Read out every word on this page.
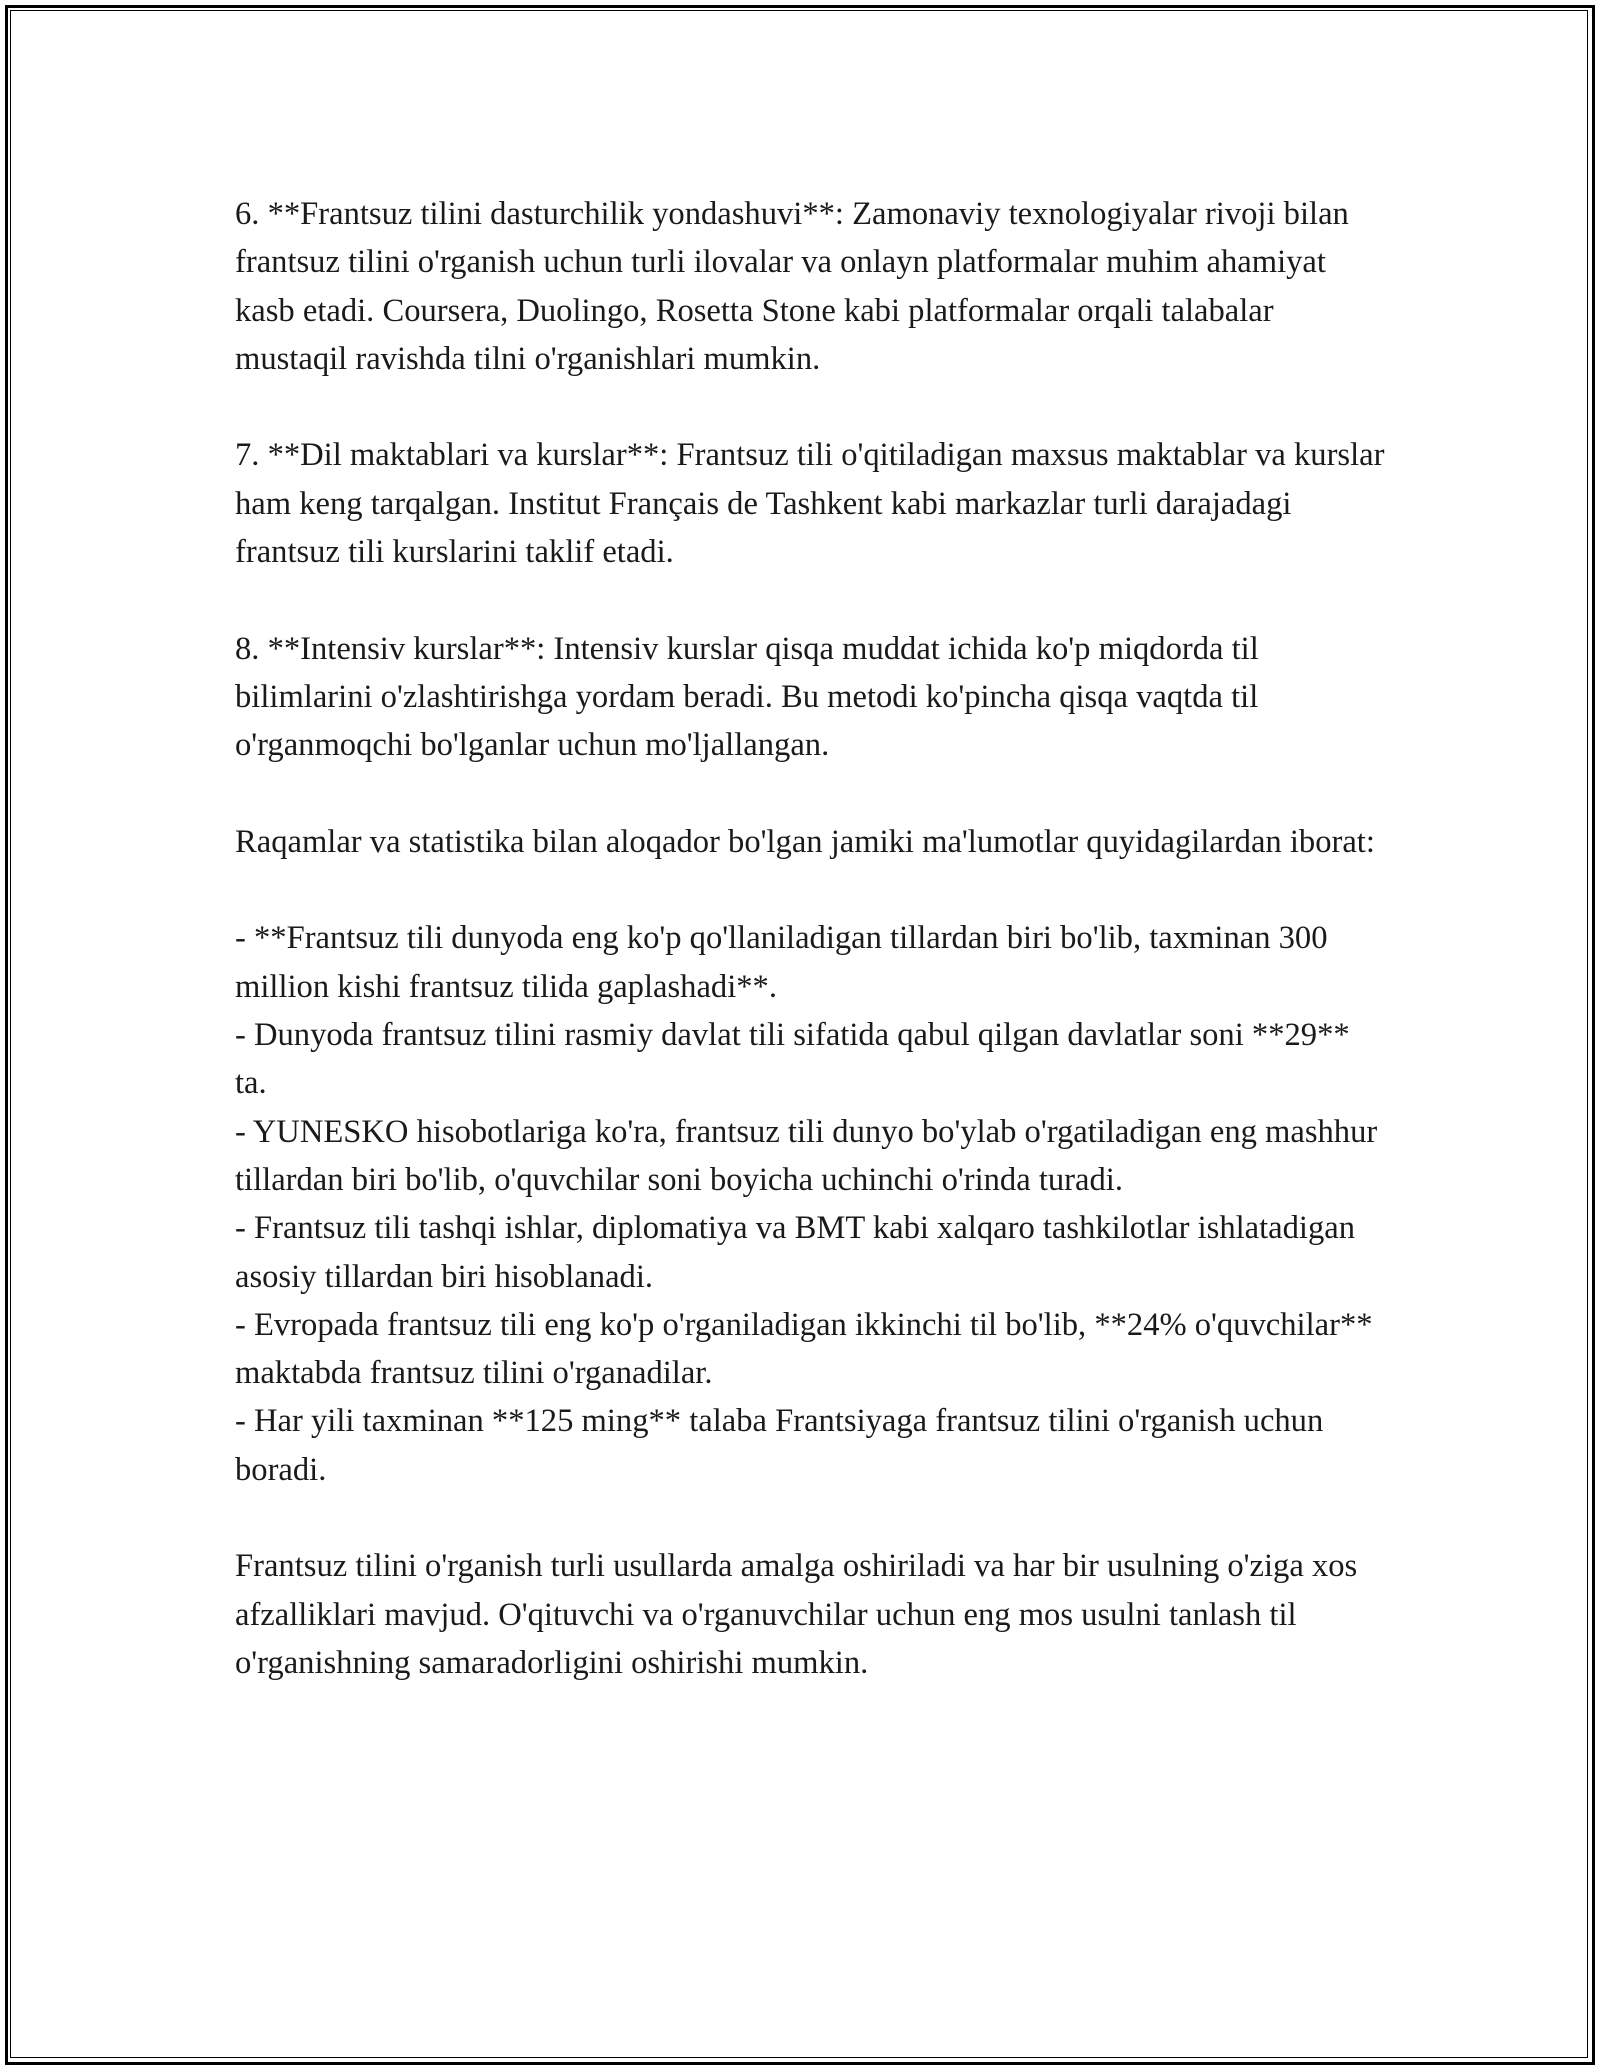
6. **Frantsuz tilini dasturchilik yondashuvi**: Zamonaviy texnologiyalar rivoji bilan frantsuz tilini o'rganish uchun turli ilovalar va onlayn platformalar muhim ahamiyat kasb etadi. Coursera, Duolingo, Rosetta Stone kabi platformalar orqali talabalar mustaqil ravishda tilni o'rganishlari mumkin.

7. **Dil maktablari va kurslar**: Frantsuz tili o'qitiladigan maxsus maktablar va kurslar ham keng tarqalgan. Institut Français de Tashkent kabi markazlar turli darajadagi frantsuz tili kurslarini taklif etadi.

8. **Intensiv kurslar**: Intensiv kurslar qisqa muddat ichida ko'p miqdorda til bilimlarini o'zlashtirishga yordam beradi. Bu metodi ko'pincha qisqa vaqtda til o'rganmoqchi bo'lganlar uchun mo'ljallangan.

Raqamlar va statistika bilan aloqador bo'lgan jamiki ma'lumotlar quyidagilardan iborat:

- **Frantsuz tili dunyoda eng ko'p qo'llaniladigan tillardan biri bo'lib, taxminan 300 million kishi frantsuz tilida gaplashadi**.
- Dunyoda frantsuz tilini rasmiy davlat tili sifatida qabul qilgan davlatlar soni **29** ta.
- YUNESKO hisobotlariga ko'ra, frantsuz tili dunyo bo'ylab o'rgatiladigan eng mashhur tillardan biri bo'lib, o'quvchilar soni boyicha uchinchi o'rinda turadi.
- Frantsuz tili tashqi ishlar, diplomatiya va BMT kabi xalqaro tashkilotlar ishlatadigan asosiy tillardan biri hisoblanadi.
- Evropada frantsuz tili eng ko'p o'rganiladigan ikkinchi til bo'lib, **24% o'quvchilar** maktabda frantsuz tilini o'rganadilar.
- Har yili taxminan **125 ming** talaba Frantsiyaga frantsuz tilini o'rganish uchun boradi.

Frantsuz tilini o'rganish turli usullarda amalga oshiriladi va har bir usulning o'ziga xos afzalliklari mavjud. O'qituvchi va o'rganuvchilar uchun eng mos usulni tanlash til o'rganishning samaradorligini oshirishi mumkin.
